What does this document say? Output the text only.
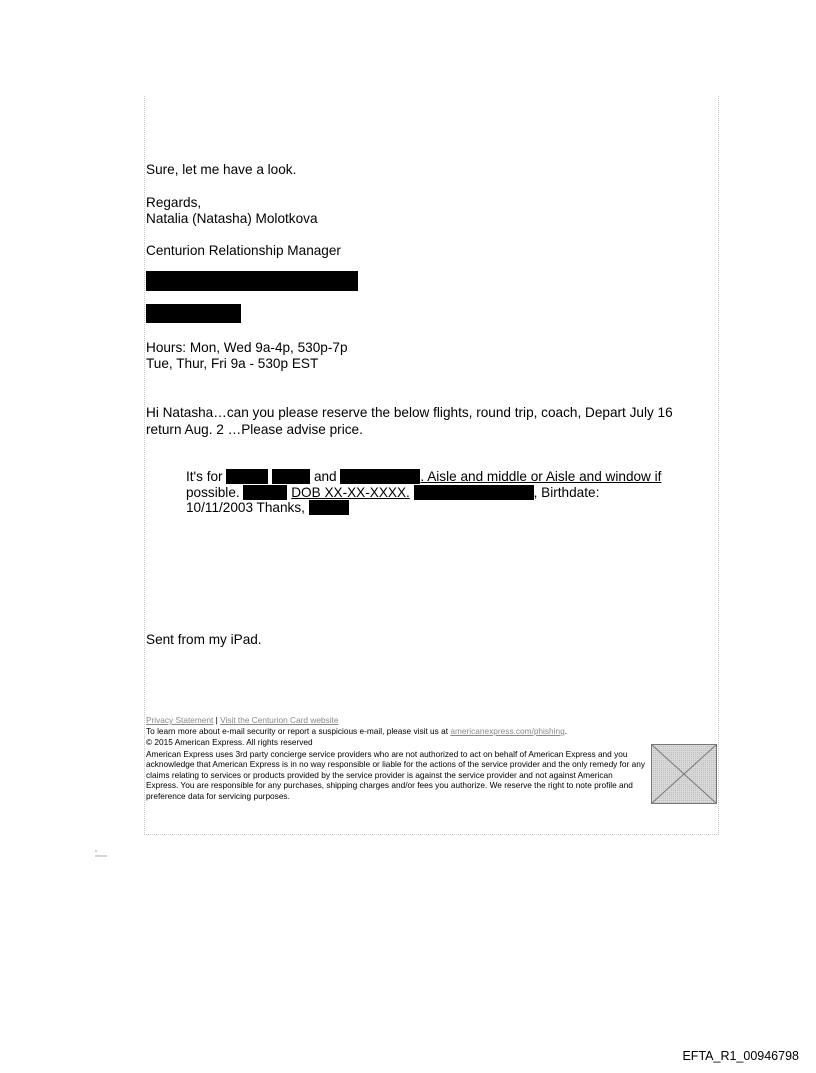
Sure, let me have a look.
Regards,
Natalia (Natasha) Molotkova
Centurion Relationship Manager
Hours: Mon, Wed 9a-4p, 530p-7p
Tue, Thur, Fri 9a - 530p EST
Hi Natasha…can you please reserve the below flights, round trip, coach, Depart July 16
return Aug. 2 …Please advise price.
It's for	and	. Aisle and middle or Aisle and window if
possible.	DOB XX-XX-XXXX.	, Birthdate:
10/11/2003 Thanks,
Sent from my iPad.
Privacy Statement | Visit the Centurion Card website
To learn more about e-mail security or report a suspicious e-mail, please visit us at americanexpress.com/phishing.
© 2015 American Express. All rights reserved
American Express uses 3rd party concierge service providers who are not authorized to act on behalf of American Express and you acknowledge that American Express is in no way responsible or liable for the actions of the service provider and the only remedy for any claims relating to services or products provided by the service provider is against the service provider and not against American Express. You are responsible for any purchases, shipping charges and/or fees you authorize. We reserve the right to note profile and preference data for servicing purposes.
EFTA_R1_00946798
